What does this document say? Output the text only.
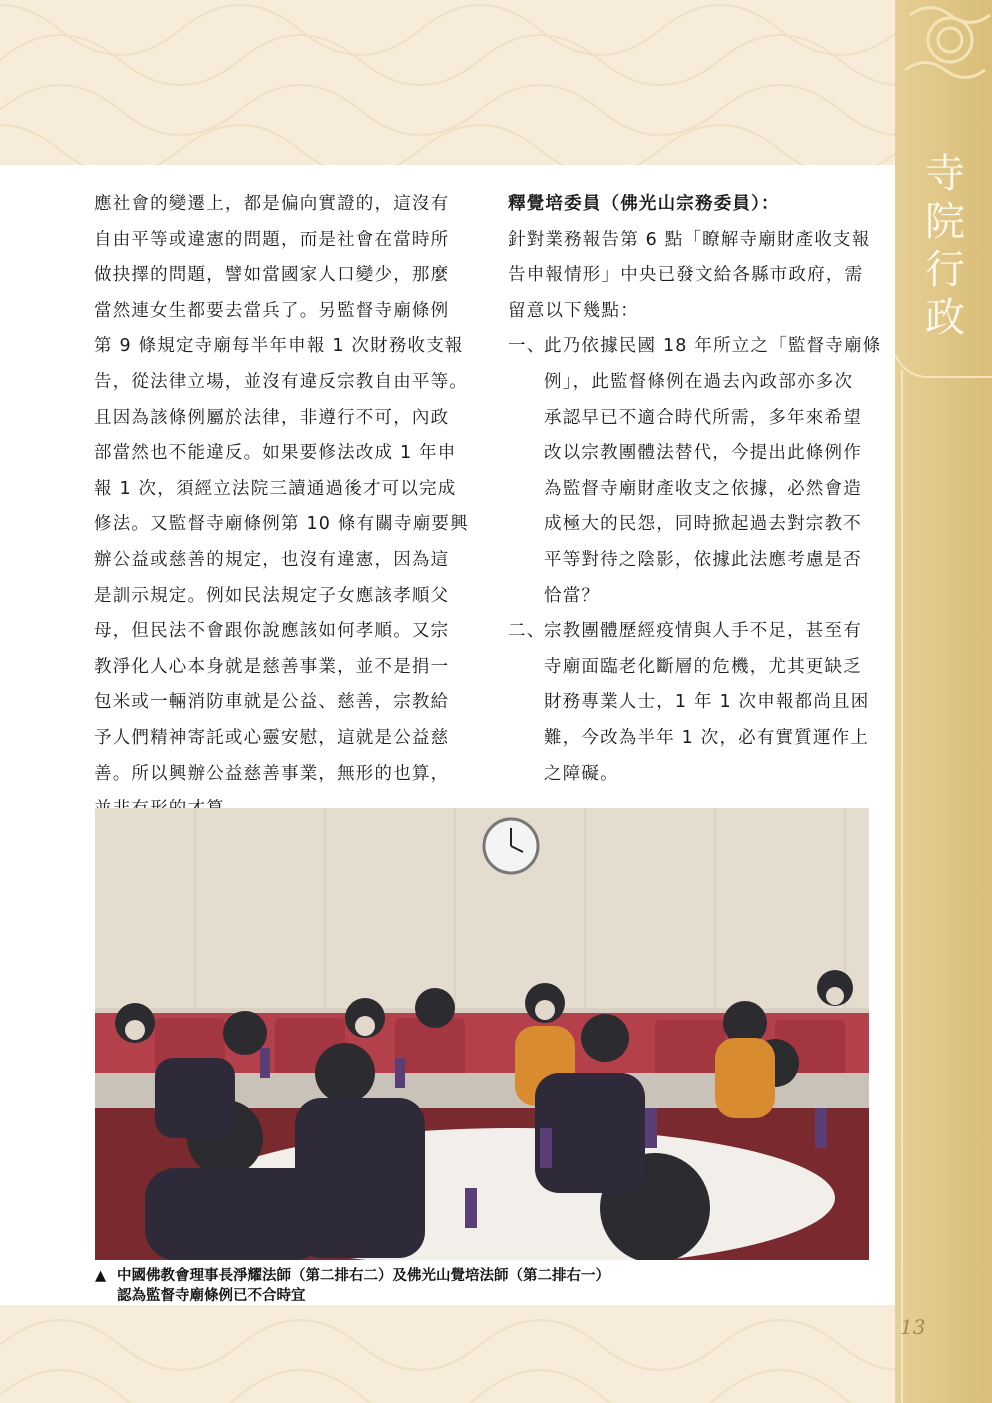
寺
院
行
政
13
應社會的變遷上，都是偏向實證的，這沒有
自由平等或違憲的問題，而是社會在當時所
做抉擇的問題，譬如當國家人口變少，那麼
當然連女生都要去當兵了。另監督寺廟條例
第 9 條規定寺廟每半年申報 1 次財務收支報
告，從法律立場，並沒有違反宗教自由平等。
且因為該條例屬於法律，非遵行不可，內政
部當然也不能違反。如果要修法改成 1 年申
報 1 次，須經立法院三讀通過後才可以完成
修法。又監督寺廟條例第 10 條有關寺廟要興
辦公益或慈善的規定，也沒有違憲，因為這
是訓示規定。例如民法規定子女應該孝順父
母，但民法不會跟你說應該如何孝順。又宗
教淨化人心本身就是慈善事業，並不是捐一
包米或一輛消防車就是公益、慈善，宗教給
予人們精神寄託或心靈安慰，這就是公益慈
善。所以興辦公益慈善事業，無形的也算，
釋覺培委員（佛光山宗務委員）：
針對業務報告第 6 點「瞭解寺廟財產收支報
告申報情形」中央已發文給各縣市政府，需
留意以下幾點：
一、
此乃依據民國 18 年所立之「監督寺廟條
例」，此監督條例在過去內政部亦多次
承認早已不適合時代所需，多年來希望
改以宗教團體法替代，今提出此條例作
為監督寺廟財產收支之依據，必然會造
成極大的民怨，同時掀起過去對宗教不
平等對待之陰影，依據此法應考慮是否
恰當？
二、
宗教團體歷經疫情與人手不足，甚至有
寺廟面臨老化斷層的危機，尤其更缺乏
財務專業人士，1 年 1 次申報都尚且困
難，今改為半年 1 次，必有實質運作上
之障礙。
▲ 中國佛教會理事長淨耀法師（第二排右二）及佛光山覺培法師（第二排右一）
認為監督寺廟條例已不合時宜
